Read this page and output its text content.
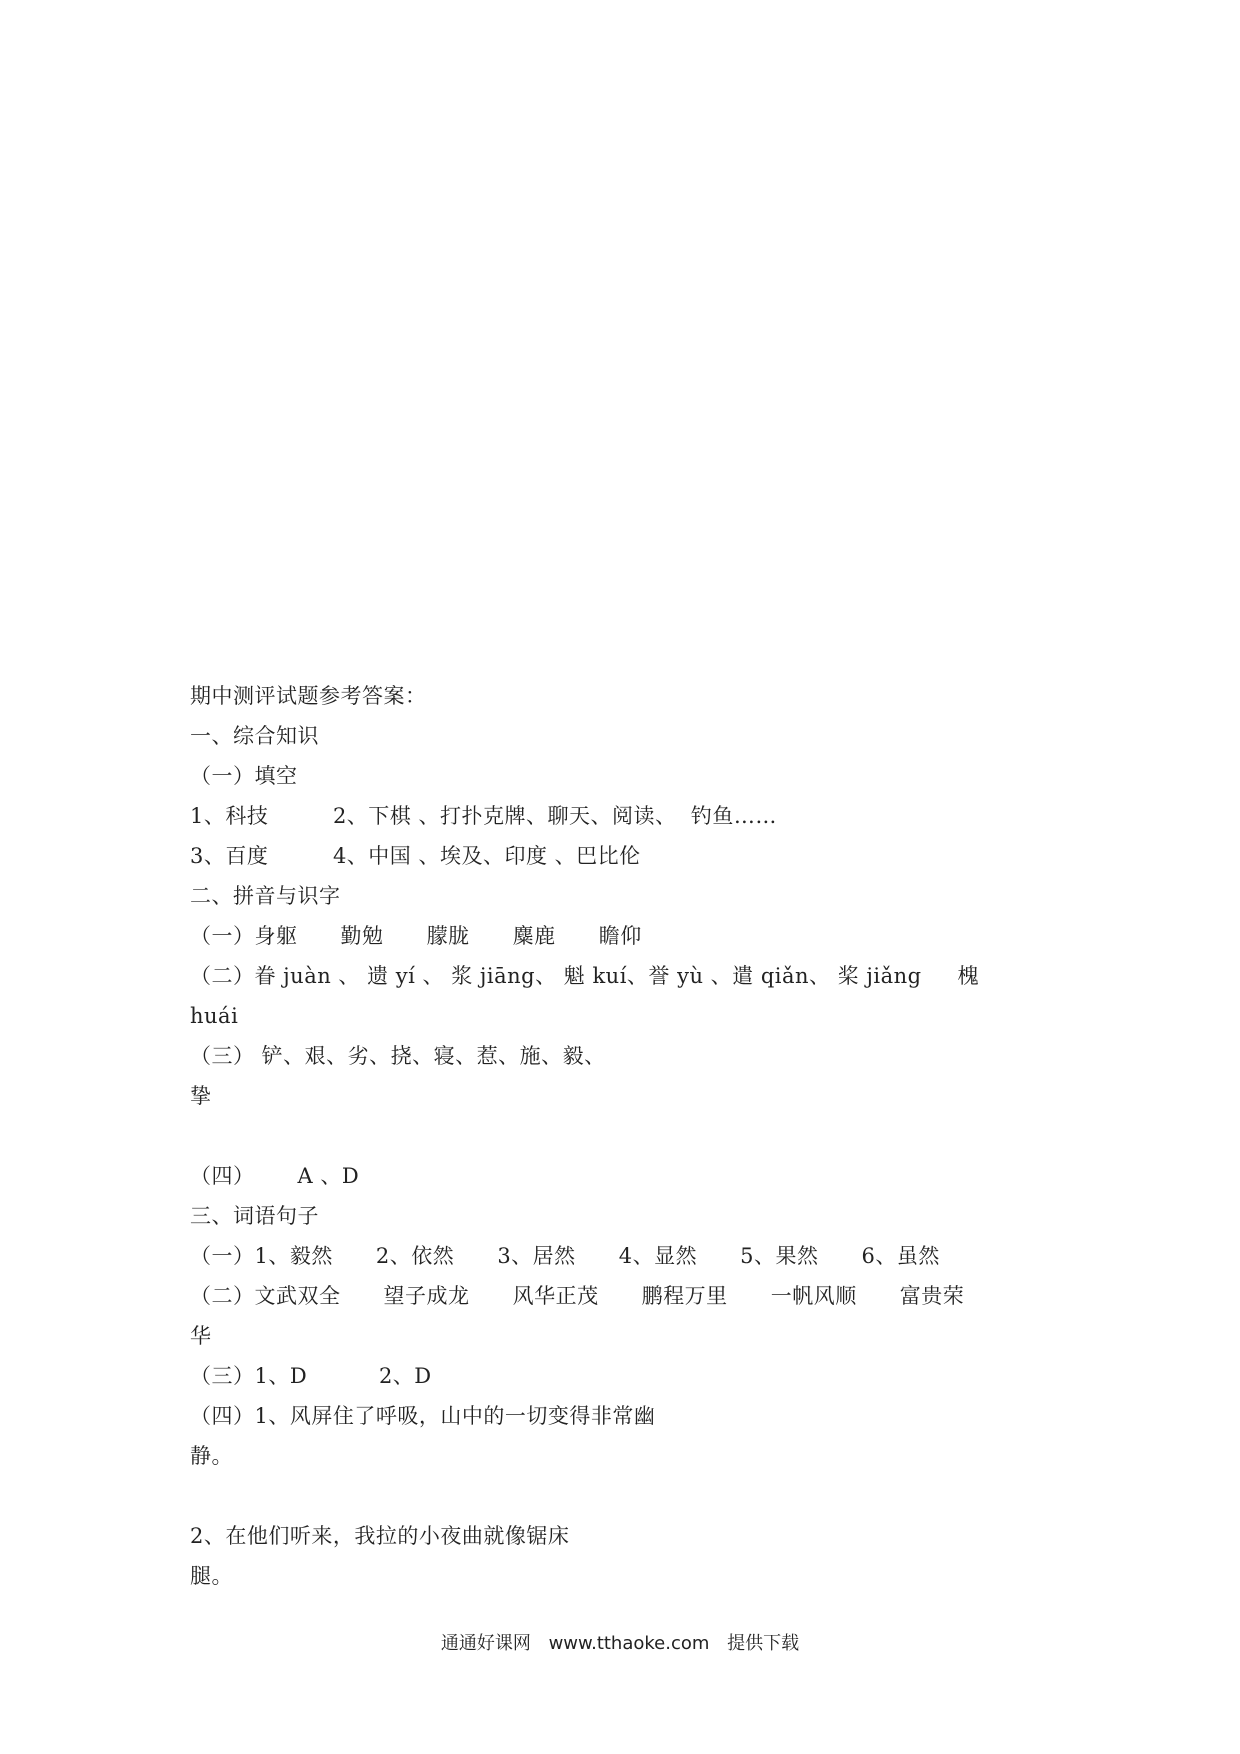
期中测评试题参考答案：
一、综合知识
（一）填空
1、科技         2、下棋 、打扑克牌、聊天、阅读、  钓鱼……
3、百度         4、中国 、埃及、印度 、巴比伦
二、拼音与识字
（一）身躯      勤勉      朦胧      麋鹿      瞻仰
（二）眷 juàn 、 遗 yí 、 浆 jiāng、 魁 kuí、誉 yù 、遣 qiǎn、 桨 jiǎng     槐
huái
（三） 铲、艰、劣、挠、寝、惹、施、毅、
挚
（四）      A 、D
三、词语句子
（一）1、毅然      2、依然      3、居然      4、显然      5、果然      6、虽然
（二）文武双全      望子成龙      风华正茂      鹏程万里      一帆风顺      富贵荣
华
（三）1、D          2、D
（四）1、风屏住了呼吸，山中的一切变得非常幽
静。
2、在他们听来，我拉的小夜曲就像锯床
腿。
通通好课网 www.tthaoke.com 提供下载
